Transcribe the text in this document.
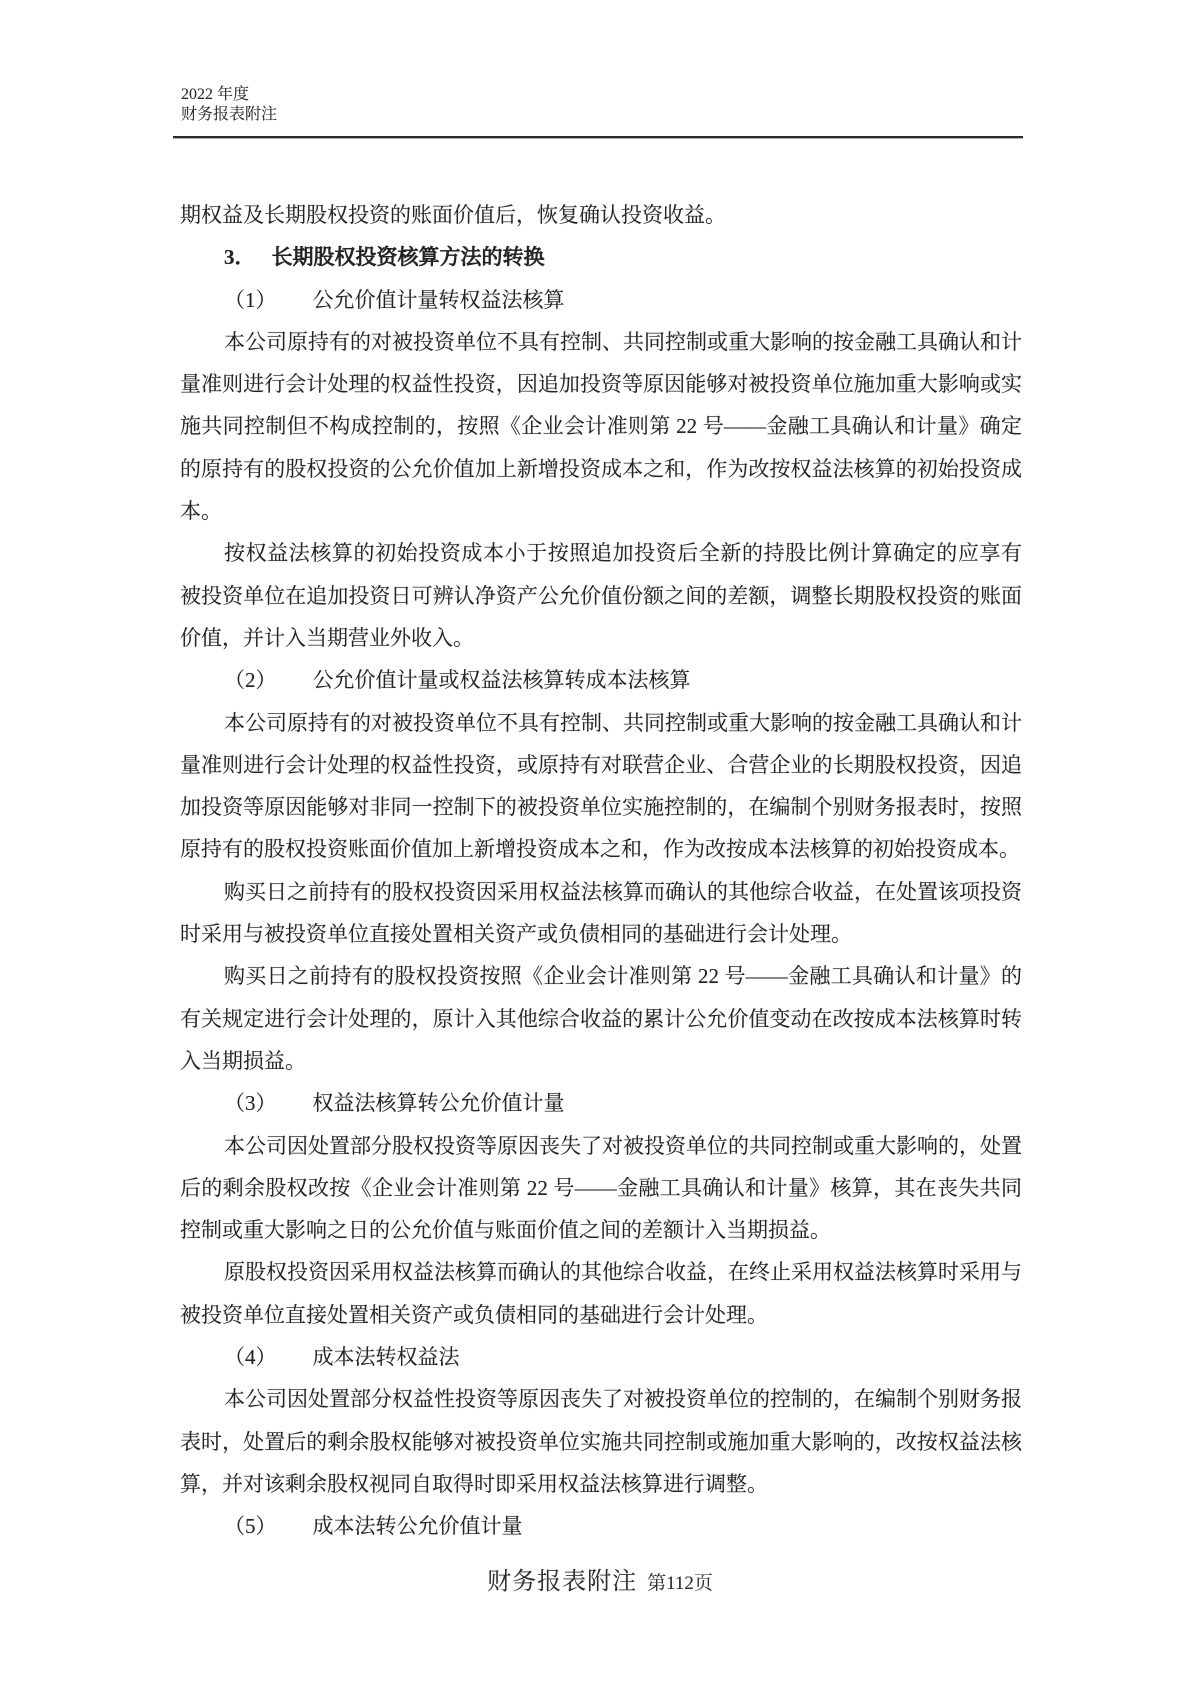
2022 年度
财务报表附注
期权益及长期股权投资的账面价值后，恢复确认投资收益。
3． 长期股权投资核算方法的转换
（1） 公允价值计量转权益法核算
本公司原持有的对被投资单位不具有控制、共同控制或重大影响的按金融工具确认和计
量准则进行会计处理的权益性投资，因追加投资等原因能够对被投资单位施加重大影响或实
施共同控制但不构成控制的，按照《企业会计准则第 22 号——金融工具确认和计量》确定
的原持有的股权投资的公允价值加上新增投资成本之和，作为改按权益法核算的初始投资成
本。
按权益法核算的初始投资成本小于按照追加投资后全新的持股比例计算确定的应享有
被投资单位在追加投资日可辨认净资产公允价值份额之间的差额，调整长期股权投资的账面
价值，并计入当期营业外收入。
（2） 公允价值计量或权益法核算转成本法核算
本公司原持有的对被投资单位不具有控制、共同控制或重大影响的按金融工具确认和计
量准则进行会计处理的权益性投资，或原持有对联营企业、合营企业的长期股权投资，因追
加投资等原因能够对非同一控制下的被投资单位实施控制的，在编制个别财务报表时，按照
原持有的股权投资账面价值加上新增投资成本之和，作为改按成本法核算的初始投资成本。
购买日之前持有的股权投资因采用权益法核算而确认的其他综合收益，在处置该项投资
时采用与被投资单位直接处置相关资产或负债相同的基础进行会计处理。
购买日之前持有的股权投资按照《企业会计准则第 22 号——金融工具确认和计量》的
有关规定进行会计处理的，原计入其他综合收益的累计公允价值变动在改按成本法核算时转
入当期损益。
（3） 权益法核算转公允价值计量
本公司因处置部分股权投资等原因丧失了对被投资单位的共同控制或重大影响的，处置
后的剩余股权改按《企业会计准则第 22 号——金融工具确认和计量》核算，其在丧失共同
控制或重大影响之日的公允价值与账面价值之间的差额计入当期损益。
原股权投资因采用权益法核算而确认的其他综合收益，在终止采用权益法核算时采用与
被投资单位直接处置相关资产或负债相同的基础进行会计处理。
（4） 成本法转权益法
本公司因处置部分权益性投资等原因丧失了对被投资单位的控制的，在编制个别财务报
表时，处置后的剩余股权能够对被投资单位实施共同控制或施加重大影响的，改按权益法核
算，并对该剩余股权视同自取得时即采用权益法核算进行调整。
（5） 成本法转公允价值计量
财务报表附注 第112页
